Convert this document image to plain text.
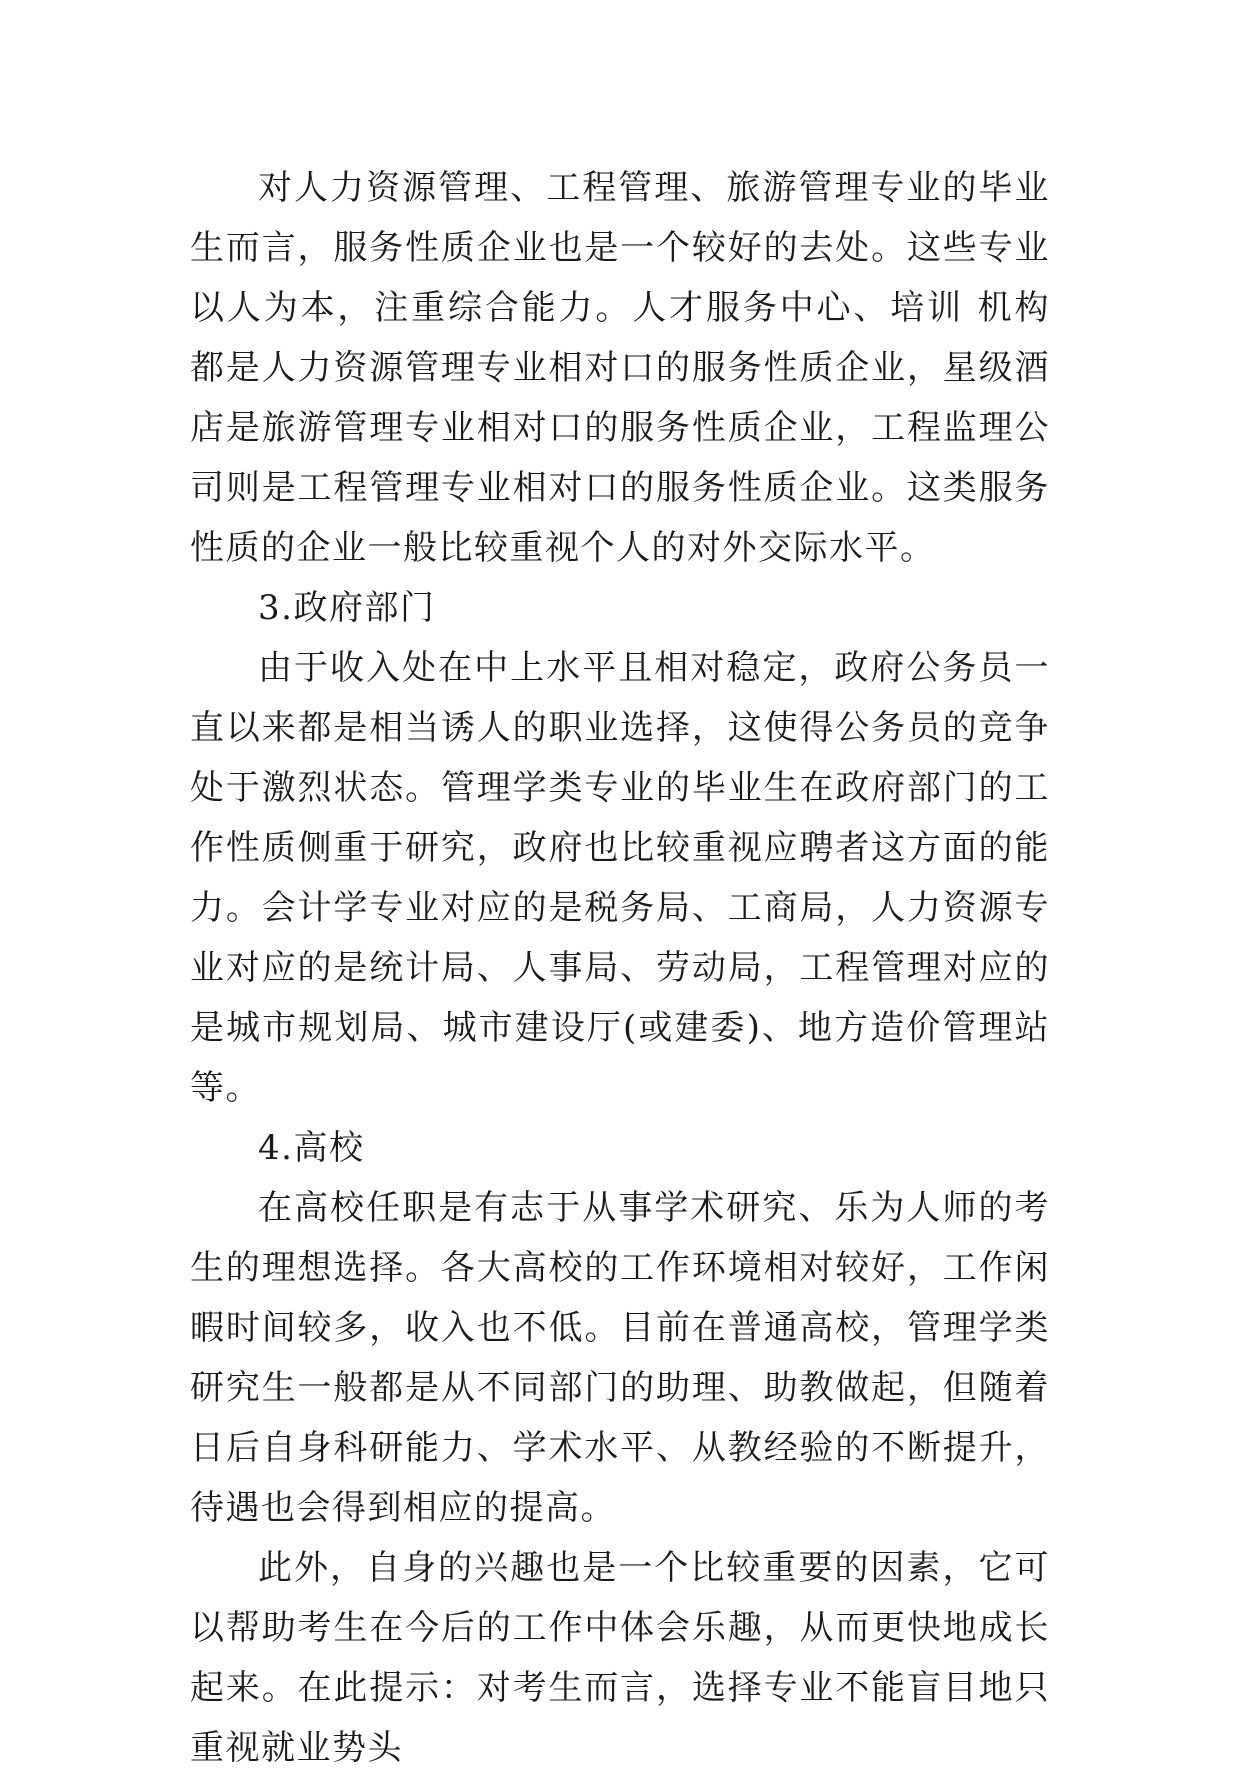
对人力资源管理、工程管理、旅游管理专业的毕业生而言，服务性质企业也是一个较好的去处。这些专业以人为本，注重综合能力。人才服务中心、培训 机构都是人力资源管理专业相对口的服务性质企业，星级酒店是旅游管理专业相对口的服务性质企业，工程监理公司则是工程管理专业相对口的服务性质企业。这类服务性质的企业一般比较重视个人的对外交际水平。

3.政府部门

由于收入处在中上水平且相对稳定，政府公务员一直以来都是相当诱人的职业选择，这使得公务员的竞争处于激烈状态。管理学类专业的毕业生在政府部门的工作性质侧重于研究，政府也比较重视应聘者这方面的能力。会计学专业对应的是税务局、工商局，人力资源专业对应的是统计局、人事局、劳动局，工程管理对应的是城市规划局、城市建设厅(或建委)、地方造价管理站等。

4.高校

在高校任职是有志于从事学术研究、乐为人师的考生的理想选择。各大高校的工作环境相对较好，工作闲暇时间较多，收入也不低。目前在普通高校，管理学类研究生一般都是从不同部门的助理、助教做起，但随着日后自身科研能力、学术水平、从教经验的不断提升，待遇也会得到相应的提高。

此外，自身的兴趣也是一个比较重要的因素，它可以帮助考生在今后的工作中体会乐趣，从而更快地成长起来。在此提示：对考生而言，选择专业不能盲目地只重视就业势头
